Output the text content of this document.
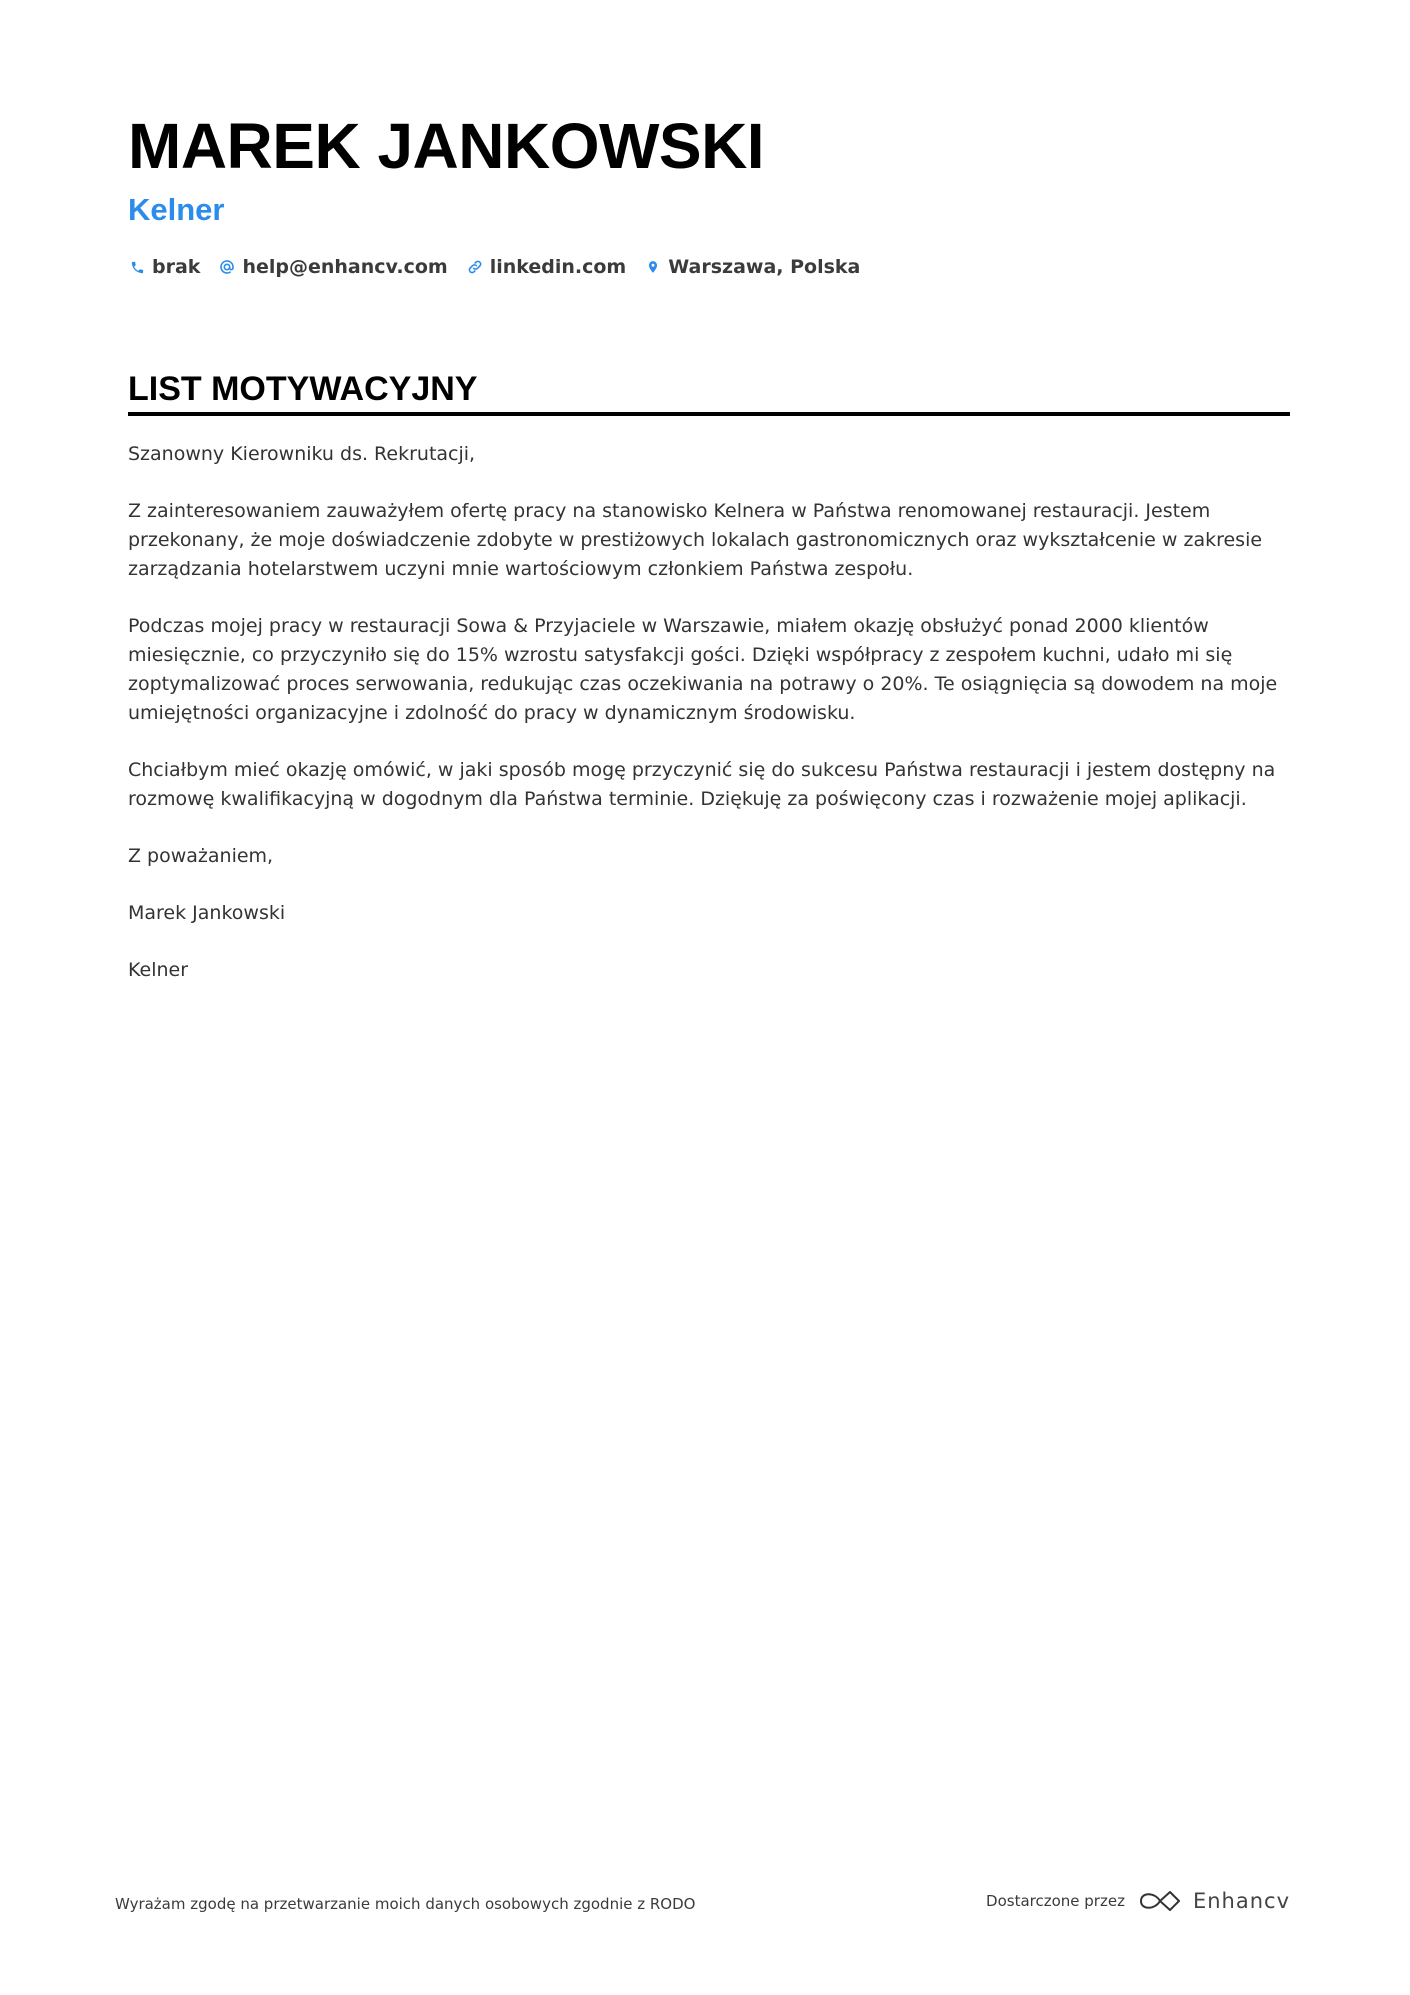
MAREK JANKOWSKI
Kelner
brak help@enhancv.com linkedin.com Warszawa, Polska
LIST MOTYWACYJNY

Szanowny Kierowniku ds. Rekrutacji,

Z zainteresowaniem zauważyłem ofertę pracy na stanowisko Kelnera w Państwa renomowanej restauracji. Jestem przekonany, że moje doświadczenie zdobyte w prestiżowych lokalach gastronomicznych oraz wykształcenie w zakresie zarządzania hotelarstwem uczyni mnie wartościowym członkiem Państwa zespołu.

Podczas mojej pracy w restauracji Sowa & Przyjaciele w Warszawie, miałem okazję obsłużyć ponad 2000 klientów miesięcznie, co przyczyniło się do 15% wzrostu satysfakcji gości. Dzięki współpracy z zespołem kuchni, udało mi się zoptymalizować proces serwowania, redukując czas oczekiwania na potrawy o 20%. Te osiągnięcia są dowodem na moje umiejętności organizacyjne i zdolność do pracy w dynamicznym środowisku.

Chciałbym mieć okazję omówić, w jaki sposób mogę przyczynić się do sukcesu Państwa restauracji i jestem dostępny na rozmowę kwalifikacyjną w dogodnym dla Państwa terminie. Dziękuję za poświęcony czas i rozważenie mojej aplikacji.

Z poważaniem,

Marek Jankowski

Kelner

Wyrażam zgodę na przetwarzanie moich danych osobowych zgodnie z RODO	Dostarczone przez	Enhancv
